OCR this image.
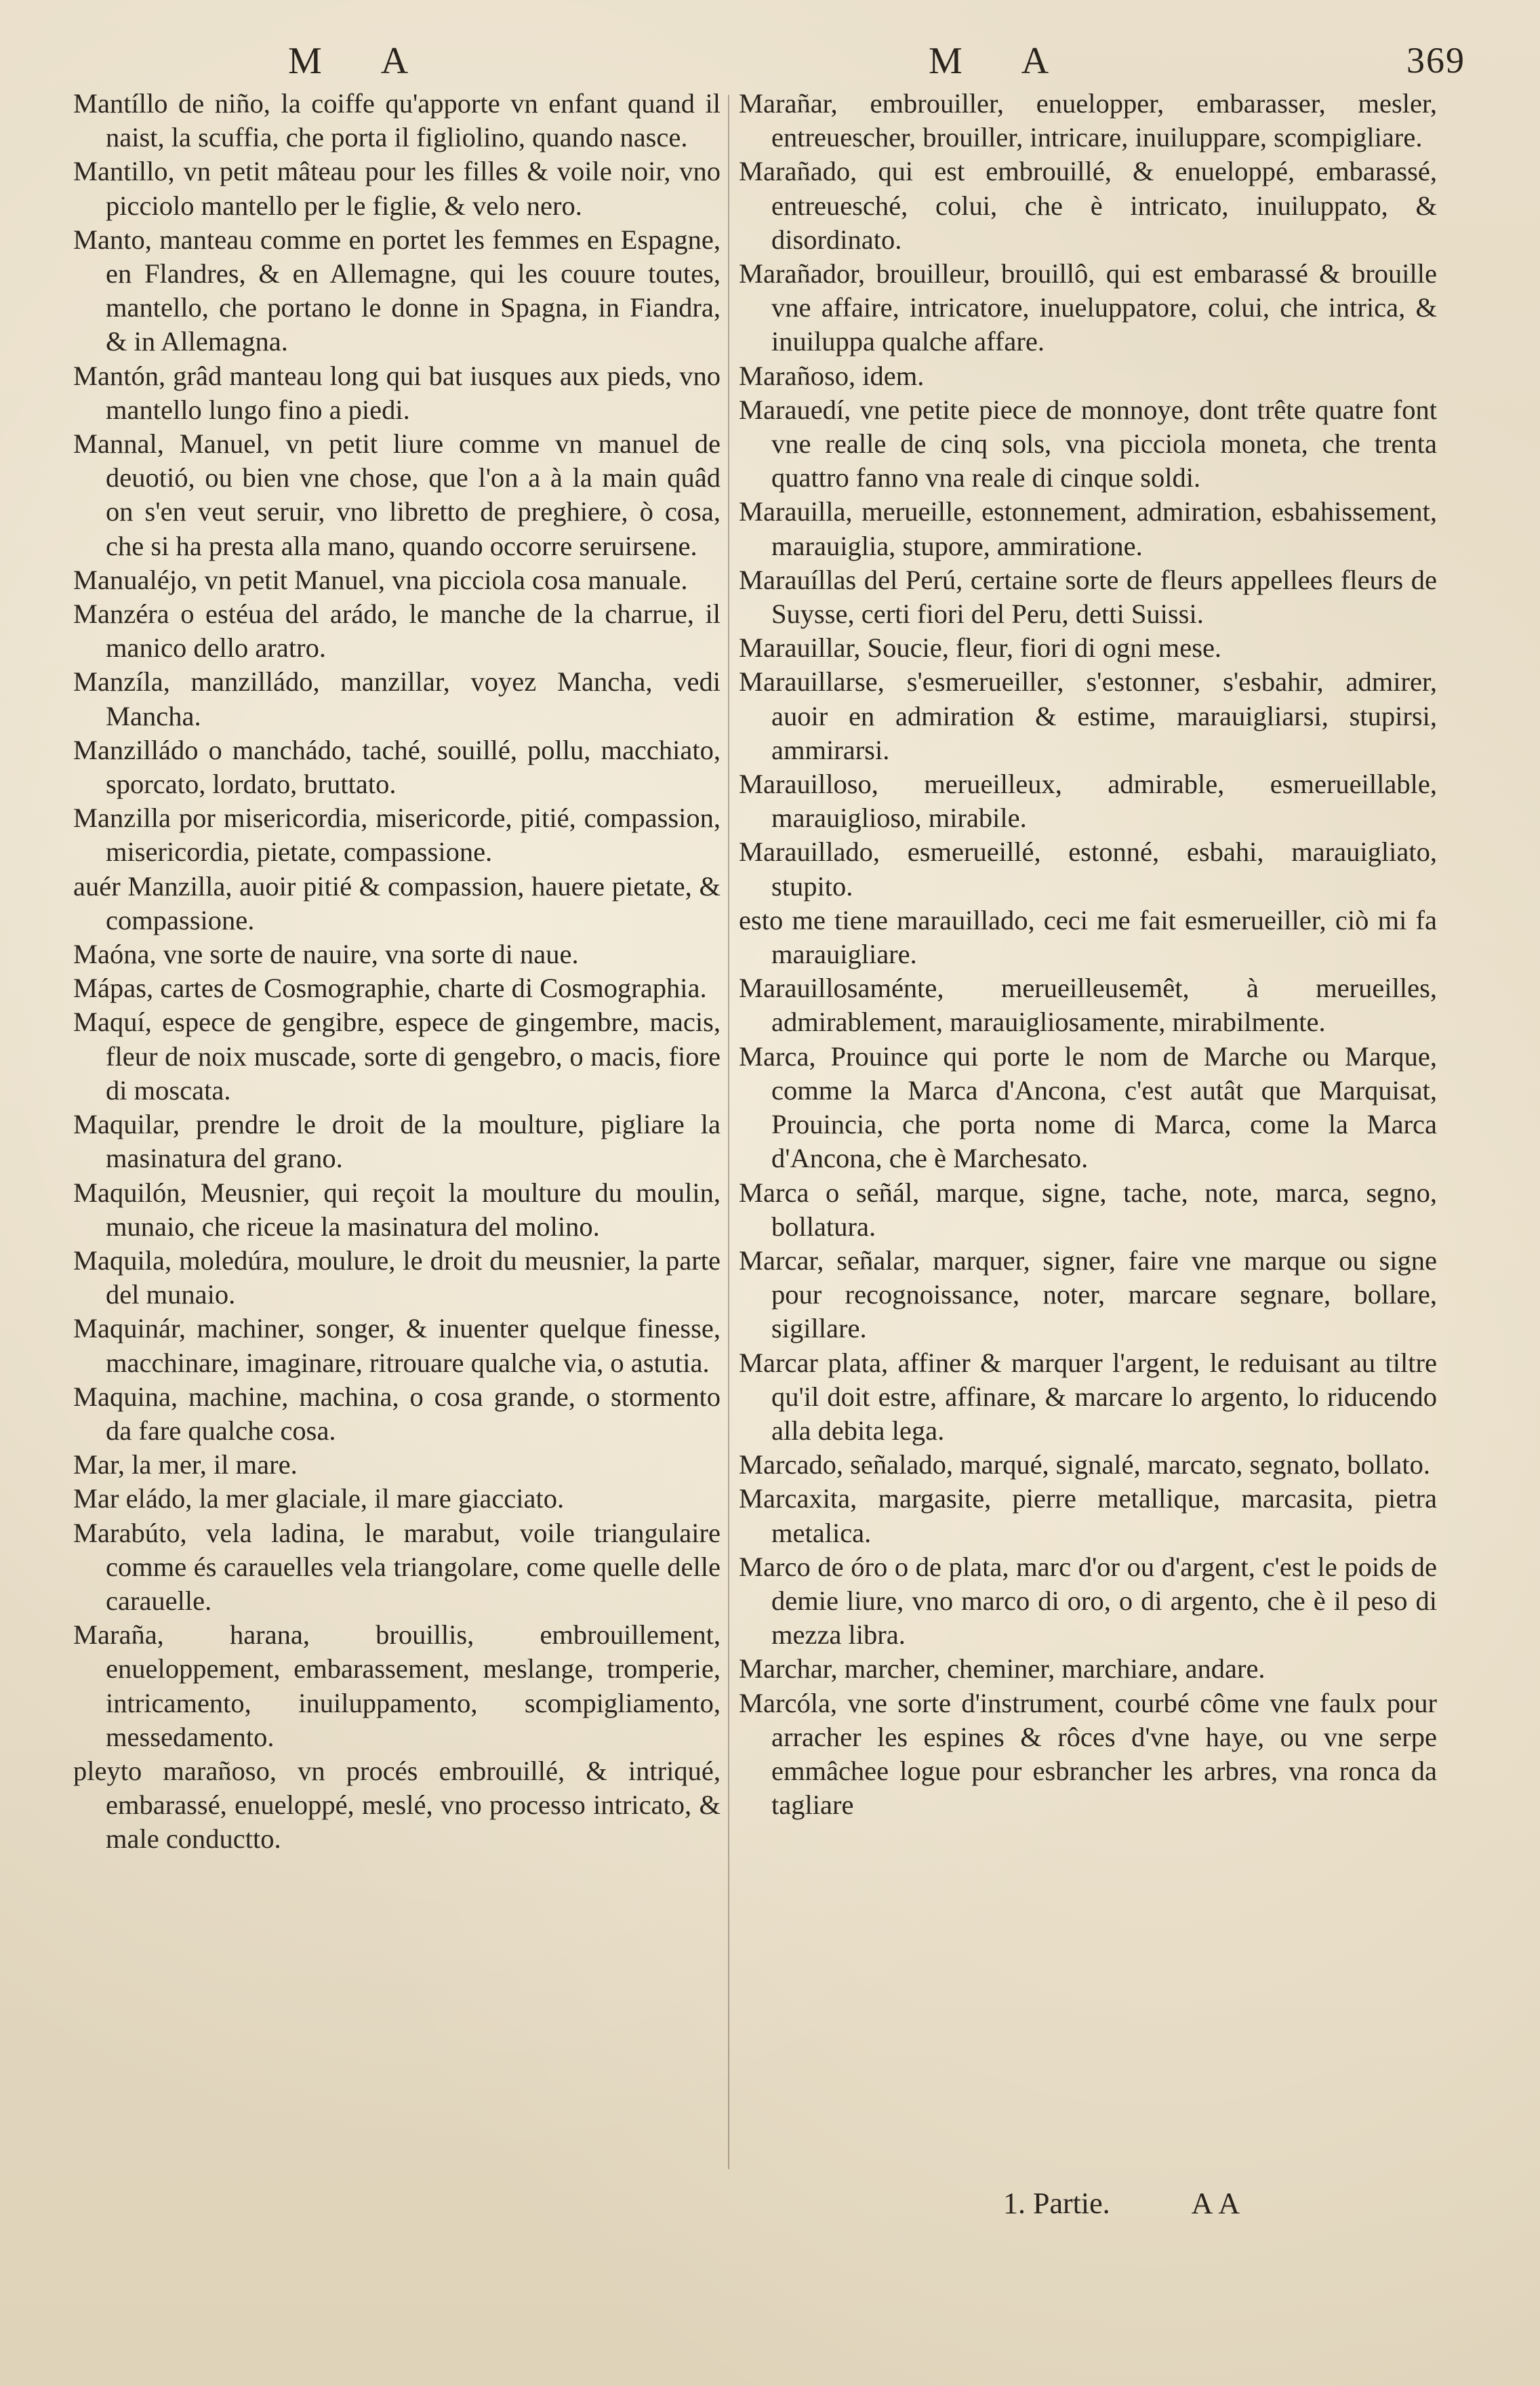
M A	M A	369

Mantíllo de niño, la coiffe qu'apporte vn enfant quand il naist, la scuffia, che porta il figliolino, quando nasce.

Mantillo, vn petit mâteau pour les filles & voile noir, vno picciolo mantello per le figlie, & velo nero.

Manto, manteau comme en portet les femmes en Espagne, en Flandres, & en Allemagne, qui les couure toutes, mantello, che portano le donne in Spagna, in Fiandra, & in Allemagna.

Mantón, grâd manteau long qui bat iusques aux pieds, vno mantello lungo fino a piedi.

Mannal, Manuel, vn petit liure comme vn manuel de deuotió, ou bien vne chose, que l'on a à la main quâd on s'en veut seruir, vno libretto de preghiere, ò cosa, che si ha presta alla mano, quando occorre seruirsene.

Manualéjo, vn petit Manuel, vna picciola cosa manuale.

Manzéra o estéua del arádo, le manche de la charrue, il manico dello aratro.

Manzíla, manzilládo, manzillar, voyez Mancha, vedi Mancha.

Manzilládo o manchádo, taché, souillé, pollu, macchiato, sporcato, lordato, bruttato.

Manzilla por misericordia, misericorde, pitié, compassion, misericordia, pietate, compassione.

auér Manzilla, auoir pitié & compassion, hauere pietate, & compassione.

Maóna, vne sorte de nauire, vna sorte di naue.

Mápas, cartes de Cosmographie, charte di Cosmographia.

Maquí, espece de gengibre, espece de gingembre, macis, fleur de noix muscade, sorte di gengebro, o macis, fiore di moscata.

Maquilar, prendre le droit de la moulture, pigliare la masinatura del grano.

Maquilón, Meusnier, qui reçoit la moulture du moulin, munaio, che riceue la masinatura del molino.

Maquila, moledúra, moulure, le droit du meusnier, la parte del munaio.

Maquinár, machiner, songer, & inuenter quelque finesse, macchinare, imaginare, ritrouare qualche via, o astutia.

Maquina, machine, machina, o cosa grande, o stormento da fare qualche cosa.

Mar, la mer, il mare.

Mar eládo, la mer glaciale, il mare giacciato.

Marabúto, vela ladina, le marabut, voile triangulaire comme és carauelles vela triangolare, come quelle delle carauelle.

Maraña, harana, brouillis, embrouillement, enueloppement, embarassement, meslange, tromperie, intricamento, inuiluppamento, scompigliamento, messedamento.

pleyto marañoso, vn procés embrouillé, & intriqué, embarassé, enueloppé, meslé, vno processo intricato, & male conductto.

Marañar, embrouiller, enuelopper, embarasser, mesler, entreuescher, brouiller, intricare, inuiluppare, scompigliare.

Marañado, qui est embrouillé, & enueloppé, embarassé, entreuesché, colui, che è intricato, inuiluppato, & disordinato.

Marañador, brouilleur, brouillô, qui est embarassé & brouille vne affaire, intricatore, inueluppatore, colui, che intrica, & inuiluppa qualche affare.

Marañoso, idem.

Marauedí, vne petite piece de monnoye, dont trête quatre font vne realle de cinq sols, vna picciola moneta, che trenta quattro fanno vna reale di cinque soldi.

Marauilla, merueille, estonnement, admiration, esbahissement, marauiglia, stupore, ammiratione.

Marauíllas del Perú, certaine sorte de fleurs appellees fleurs de Suysse, certi fiori del Peru, detti Suissi.

Marauillar, Soucie, fleur, fiori di ogni mese.

Marauillarse, s'esmerueiller, s'estonner, s'esbahir, admirer, auoir en admiration & estime, marauigliarsi, stupirsi, ammirarsi.

Marauilloso, merueilleux, admirable, esmerueillable, marauiglioso, mirabile.

Marauillado, esmerueillé, estonné, esbahi, marauigliato, stupito.

esto me tiene marauillado, ceci me fait esmerueiller, ciò mi fa marauigliare.

Marauillosaménte, merueilleusemêt, à merueilles, admirablement, marauigliosamente, mirabilmente.

Marca, Prouince qui porte le nom de Marche ou Marque, comme la Marca d'Ancona, c'est autât que Marquisat, Prouincia, che porta nome di Marca, come la Marca d'Ancona, che è Marchesato.

Marca o señál, marque, signe, tache, note, marca, segno, bollatura.

Marcar, señalar, marquer, signer, faire vne marque ou signe pour recognoissance, noter, marcare segnare, bollare, sigillare.

Marcar plata, affiner & marquer l'argent, le reduisant au tiltre qu'il doit estre, affinare, & marcare lo argento, lo riducendo alla debita lega.

Marcado, señalado, marqué, signalé, marcato, segnato, bollato.

Marcaxita, margasite, pierre metallique, marcasita, pietra metalica.

Marco de óro o de plata, marc d'or ou d'argent, c'est le poids de demie liure, vno marco di oro, o di argento, che è il peso di mezza libra.

Marchar, marcher, cheminer, marchiare, andare.

Marcóla, vne sorte d'instrument, courbé côme vne faulx pour arracher les espines & rôces d'vne haye, ou vne serpe emmâchee logue pour esbrancher les arbres, vna ronca da tagliare

1. Partie.	AA
